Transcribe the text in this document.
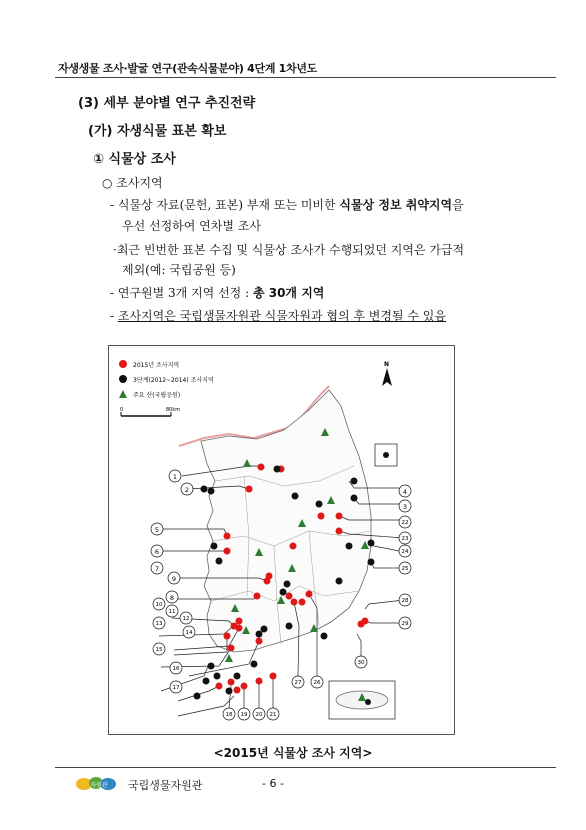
자생생물 조사·발굴 연구(관속식물분야) 4단계 1차년도
(3) 세부 분야별 연구 추진전략
(가) 자생식물 표본 확보
① 식물상 조사
○ 조사지역
- 식물상 자료(문헌, 표본) 부재 또는 미비한 식물상 정보 취약지역을
우선 선정하여 연차별 조사
·최근 빈번한 표본 수집 및 식물상 조사가 수행되었던 지역은 가급적
제외(예: 국립공원 등)
- 연구원별 3개 지역 선정 : 총 30개 지역
- 조사지역은 국립생물자원관 식물자원과 협의 후 변경될 수 있음
2015년 조사지역
3단계(2012~2014) 조사지역
주요 산(국립공원)
0	80km
N
1
2
5
6
7
9
8
10
11
12
13
14
15
16
17
4
3
22
23
24
25
28
29
30
18 19 20 21
27 26
<2015년 식물상 조사 지역>
자원관 국립생물자원관	- 6 -
